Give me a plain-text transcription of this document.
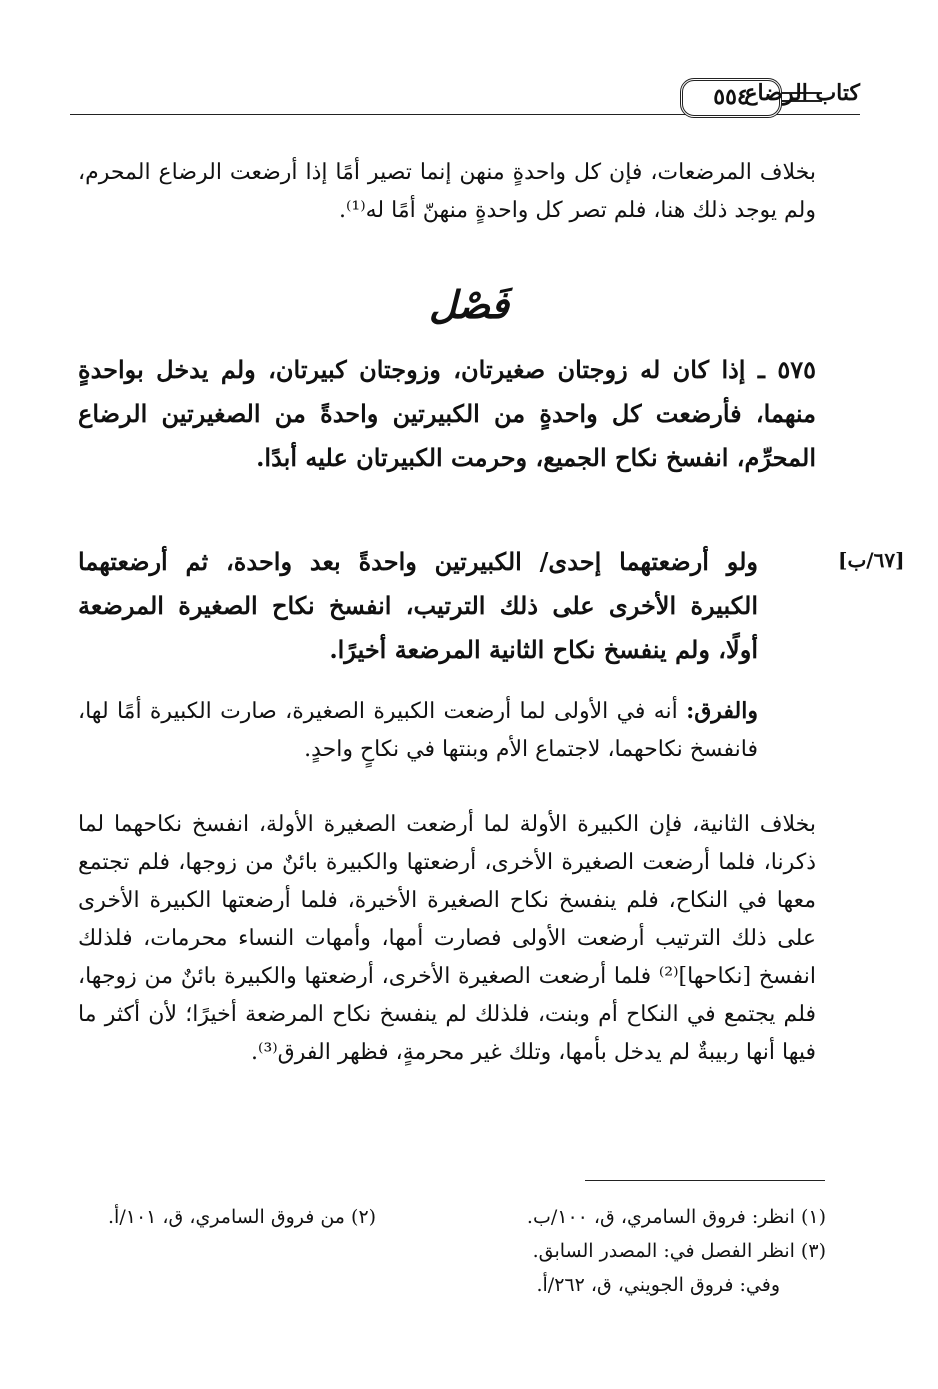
٥٥٤
كتاب الرضاع
بخلاف المرضعات، فإن كل واحدةٍ منهن إنما تصير أمًا إذا أرضعت الرضاع المحرم، ولم يوجد ذلك هنا، فلم تصر كل واحدةٍ منهنّ أمًا له⁽¹⁾.
فَصْل
٥٧٥ ـ إذا كان له زوجتان صغيرتان، وزوجتان كبيرتان، ولم يدخل بواحدةٍ منهما، فأرضعت كل واحدةٍ من الكبيرتين واحدةً من الصغيرتين الرضاع المحرِّم، انفسخ نكاح الجميع، وحرمت الكبيرتان عليه أبدًا.
[٦٧/ب]
ولو أرضعتهما إحدى/ الكبيرتين واحدةً بعد واحدة، ثم أرضعتهما الكبيرة الأخرى على ذلك الترتيب، انفسخ نكاح الصغيرة المرضعة أولًا، ولم ينفسخ نكاح الثانية المرضعة أخيرًا.
والفرق: أنه في الأولى لما أرضعت الكبيرة الصغيرة، صارت الكبيرة أمًا لها، فانفسخ نكاحهما، لاجتماع الأم وبنتها في نكاحٍ واحدٍ.
بخلاف الثانية، فإن الكبيرة الأولة لما أرضعت الصغيرة الأولة، انفسخ نكاحهما لما ذكرنا، فلما أرضعت الصغيرة الأخرى، أرضعتها والكبيرة بائنٌ من زوجها، فلم تجتمع معها في النكاح، فلم ينفسخ نكاح الصغيرة الأخيرة، فلما أرضعتها الكبيرة الأخرى على ذلك الترتيب أرضعت الأولى فصارت أمها، وأمهات النساء محرمات، فلذلك انفسخ [نكاحها]⁽²⁾ فلما أرضعت الصغيرة الأخرى، أرضعتها والكبيرة بائنٌ من زوجها، فلم يجتمع في النكاح أم وبنت، فلذلك لم ينفسخ نكاح المرضعة أخيرًا؛ لأن أكثر ما فيها أنها ربيبةٌ لم يدخل بأمها، وتلك غير محرمةٍ، فظهر الفرق⁽³⁾.
(١) انظر: فروق السامري، ق، ١٠٠/ب.
(٢) من فروق السامري، ق، ١٠١/أ.
(٣) انظر الفصل في: المصدر السابق.
وفي: فروق الجويني، ق، ٢٦٢/أ.
